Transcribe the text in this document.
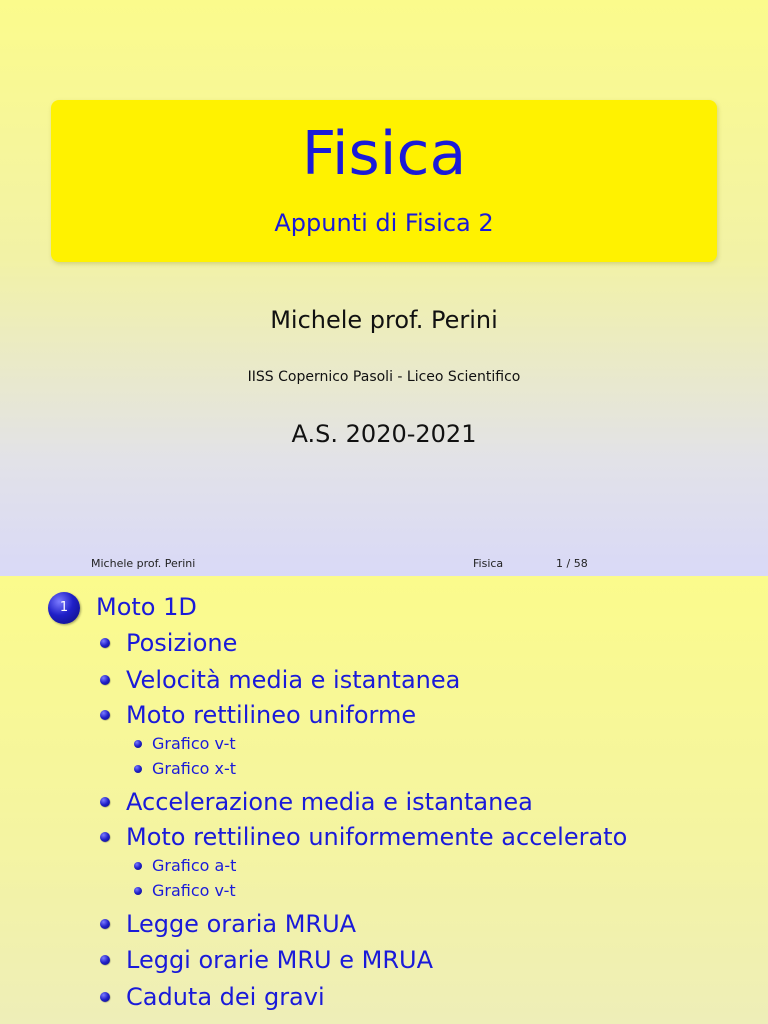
Fisica
Appunti di Fisica 2
Michele prof. Perini
IISS Copernico Pasoli - Liceo Scientifico
A.S. 2020-2021
Michele prof. Perini	Fisica	1 / 58
1	Moto 1D
Posizione
Velocità media e istantanea
Moto rettilineo uniforme
Grafico v-t
Grafico x-t
Accelerazione media e istantanea
Moto rettilineo uniformemente accelerato
Grafico a-t
Grafico v-t
Legge oraria MRUA
Leggi orarie MRU e MRUA
Caduta dei gravi
